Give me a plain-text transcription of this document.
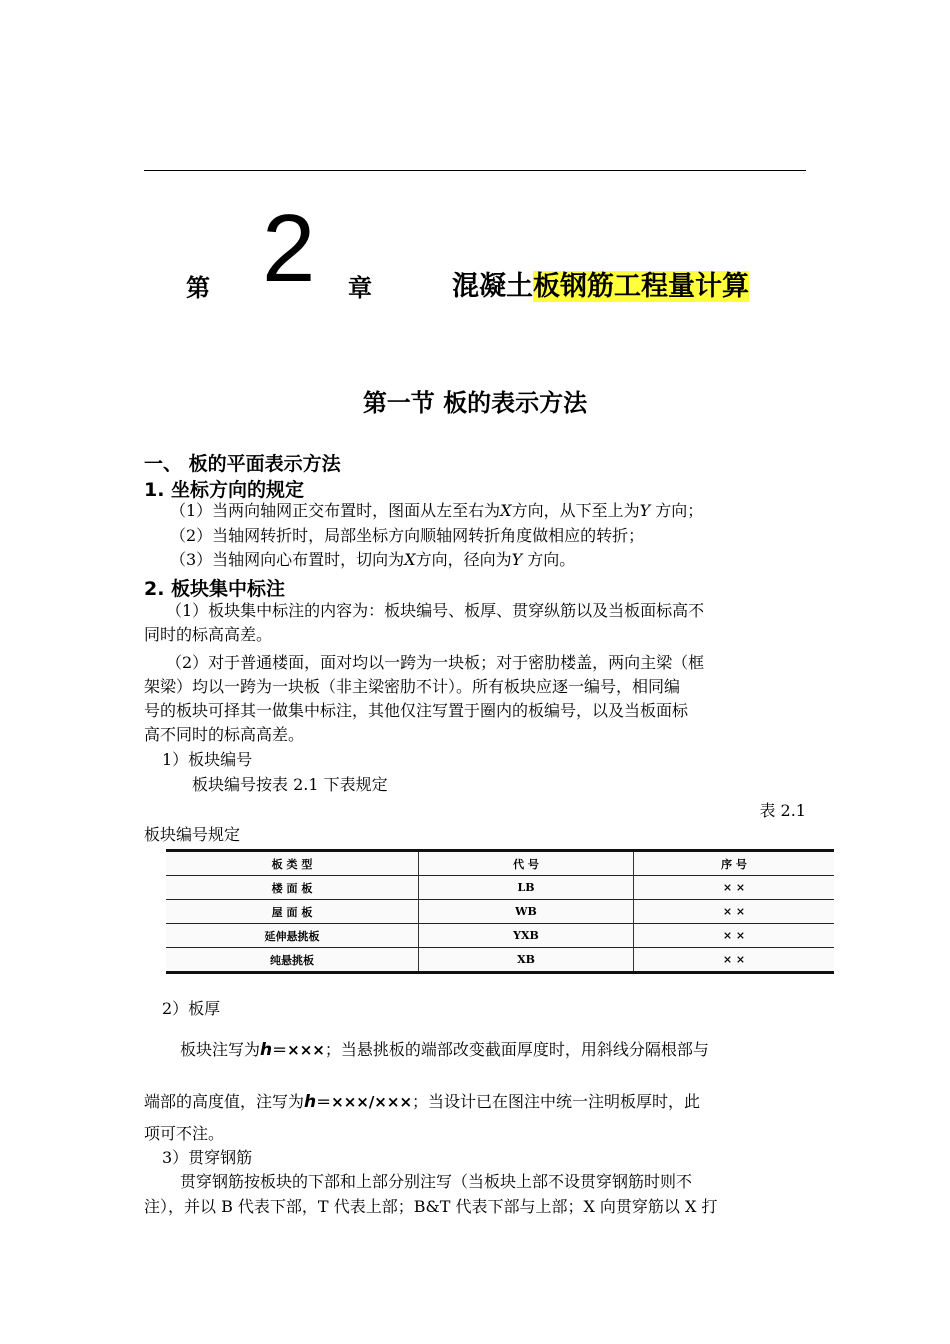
第 2 章	混凝土板钢筋工程量计算
第一节 板的表示方法
一、 板的平面表示方法
1. 坐标方向的规定
（1）当两向轴网正交布置时，图面从左至右为X方向，从下至上为Y 方向；
（2）当轴网转折时，局部坐标方向顺轴网转折角度做相应的转折；
（3）当轴网向心布置时，切向为X方向，径向为Y 方向。
2. 板块集中标注
（1）板块集中标注的内容为：板块编号、板厚、贯穿纵筋以及当板面标高不
同时的标高高差。
（2）对于普通楼面，面对均以一跨为一块板；对于密肋楼盖，两向主梁（框
架梁）均以一跨为一块板（非主梁密肋不计）。所有板块应逐一编号，相同编
号的板块可择其一做集中标注，其他仅注写置于圈内的板编号，以及当板面标
高不同时的标高高差。
1）板块编号
板块编号按表 2.1 下表规定
表 2.1
板块编号规定
板 类 型	代 号	序 号
楼 面 板	LB	× ×
屋 面 板	WB	× ×
延伸悬挑板	YXB	× ×
纯悬挑板	XB	× ×
2）板厚
板块注写为h＝×××；当悬挑板的端部改变截面厚度时，用斜线分隔根部与
端部的高度值，注写为h＝×××/×××；当设计已在图注中统一注明板厚时，此
项可不注。
3）贯穿钢筋
贯穿钢筋按板块的下部和上部分别注写（当板块上部不设贯穿钢筋时则不
注），并以 B 代表下部，T 代表上部；B&T 代表下部与上部；X 向贯穿筋以 X 打
